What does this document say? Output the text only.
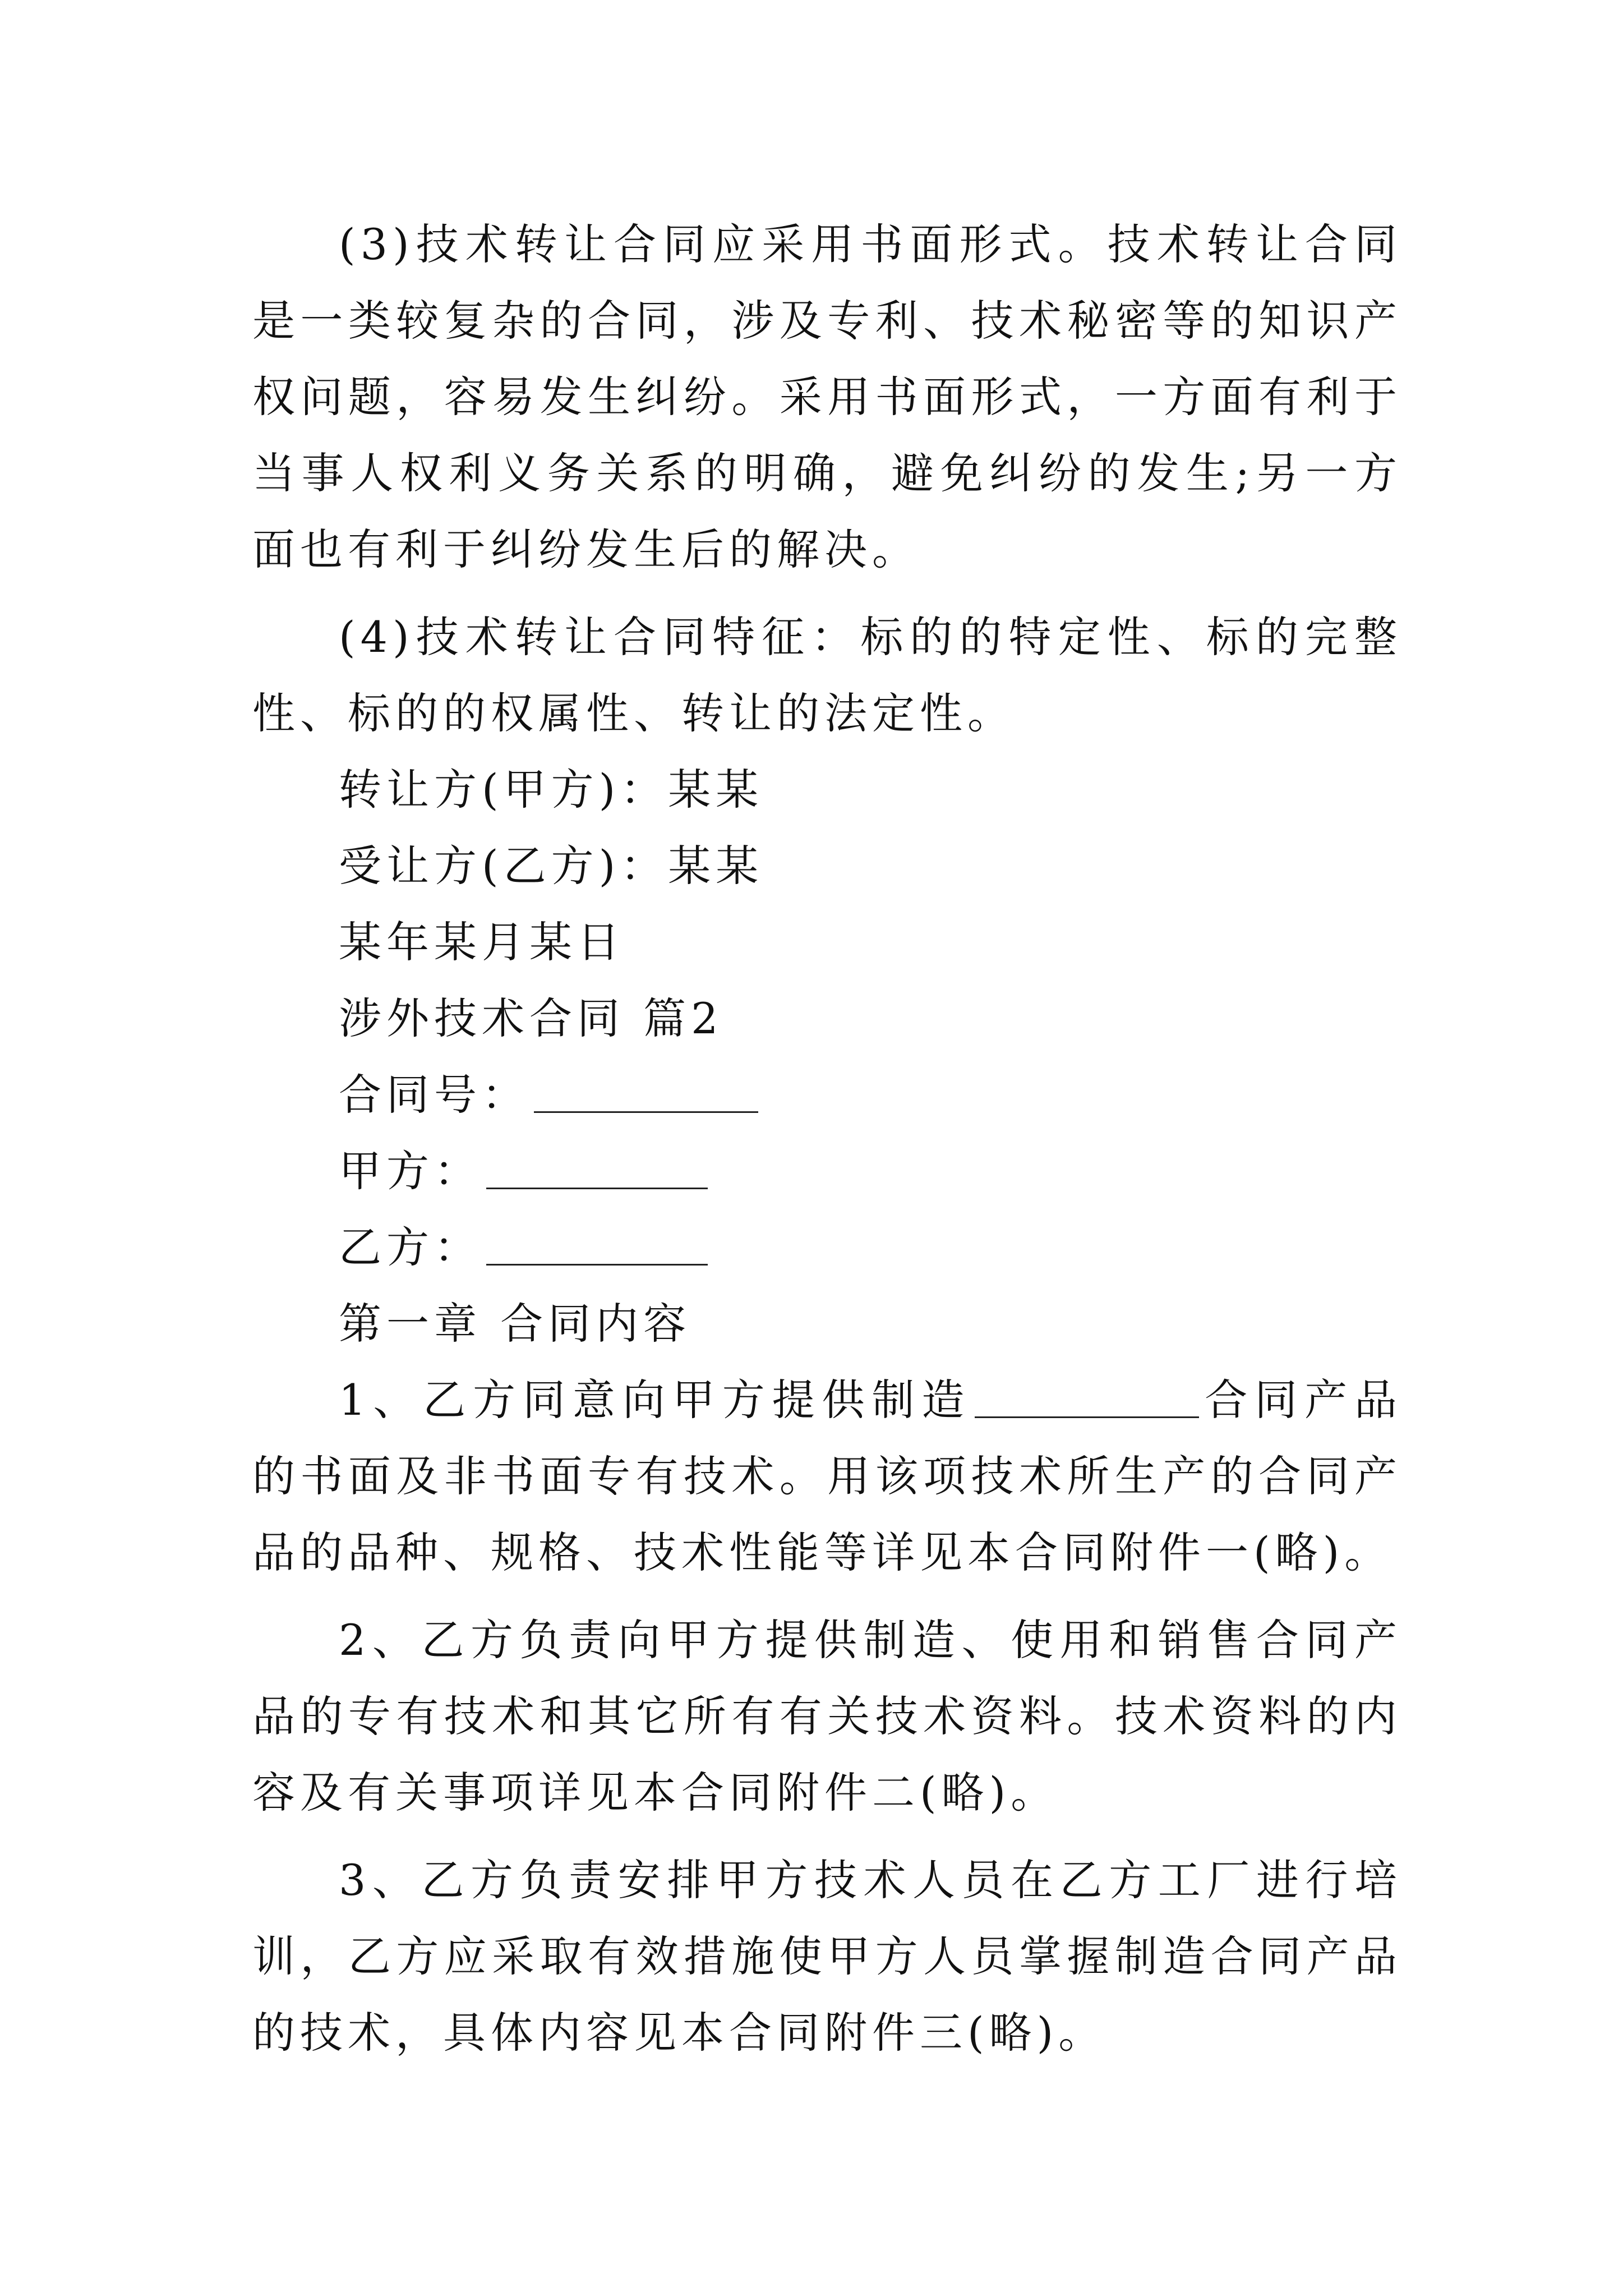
(3)技术转让合同应采用书面形式。技术转让合同是一类较复杂的合同，涉及专利、技术秘密等的知识产权问题，容易发生纠纷。采用书面形式，一方面有利于当事人权利义务关系的明确，避免纠纷的发生;另一方面也有利于纠纷发生后的解决。

(4)技术转让合同特征：标的的特定性、标的完整性、标的的权属性、转让的法定性。

转让方(甲方)：某某

受让方(乙方)：某某

某年某月某日

涉外技术合同 篇2

合同号：

甲方：

乙方：

第一章 合同内容

1、乙方同意向甲方提供制造	合同产品的书面及非书面专有技术。用该项技术所生产的合同产品的品种、规格、技术性能等详见本合同附件一(略)。

2、乙方负责向甲方提供制造、使用和销售合同产品的专有技术和其它所有有关技术资料。技术资料的内容及有关事项详见本合同附件二(略)。

3、乙方负责安排甲方技术人员在乙方工厂进行培训，乙方应采取有效措施使甲方人员掌握制造合同产品的技术，具体内容见本合同附件三(略)。
